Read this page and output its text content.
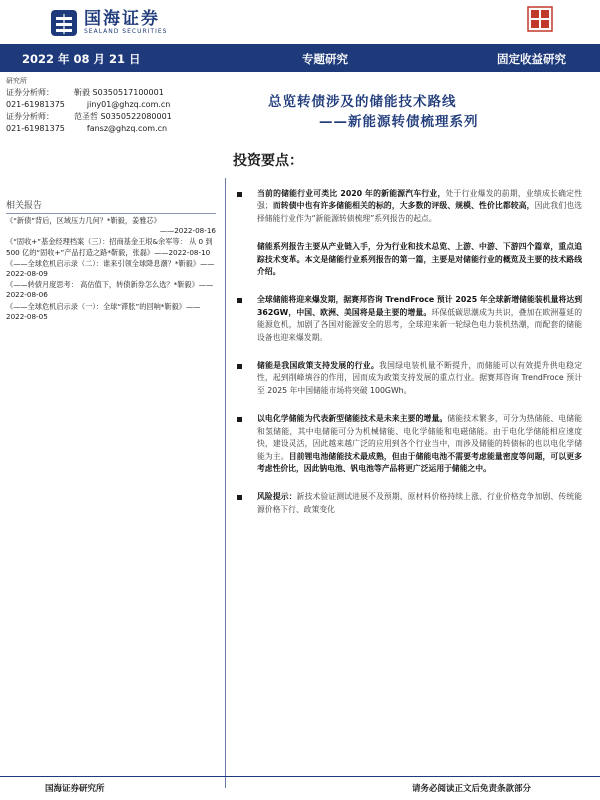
国海证券
SEALAND SECURITIES
2022 年 08 月 21 日	专题研究	固定收益研究
研究所
证券分析师：	靳毅 S0350517100001
021-61981375	jiny01@ghzq.com.cn
证券分析师：	范圣哲 S0350522080001
021-61981375	fansz@ghzq.com.cn
总览转债涉及的储能技术路线
——新能源转债梳理系列
投资要点：
相关报告
《“新债”背后，区域压力几何？*靳毅，姜雅芯》
——2022-08-16
《“固收+”基金经理档案（三）：招商基金王垠&余军等： 从 0 到 500 亿的“固收+”产品打造之路*靳毅，张磊》——2022-08-10
《——全球危机启示录（二）：谁来引领全球降息潮？*靳毅》——2022-08-09
《——转债月度思考： 高估值下，转债新券怎么选？*靳毅》——2022-08-06
《——全球危机启示录（一）：全球“滞胀”的回响*靳毅》——2022-08-05
当前的储能行业可类比 2020 年的新能源汽车行业，处于行业爆发的前期，业绩成长确定性强；而转债中也有许多储能相关的标的，大多数的评级、规模、性价比都较高，因此我们也选择储能行业作为“新能源转债梳理”系列报告的起点。
储能系列报告主要从产业链入手，分为行业和技术总览、上游、中游、下游四个篇章，重点追踪技术变革。本文是储能行业系列报告的第一篇，主要是对储能行业的概览及主要的技术路线介绍。
全球储能将迎来爆发期，据赛邦咨询 TrendFroce 预计 2025 年全球新增储能装机量将达到 362GW，中国、欧洲、美国将是最主要的增量。环保低碳思潮成为共识，叠加在欧洲蔓延的能源危机，加剧了各国对能源安全的思考，全球迎来新一轮绿色电力装机热潮，而配套的储能设备也迎来爆发期。
储能是我国政策支持发展的行业。我国绿电装机量不断提升，而储能可以有效提升供电稳定性，起到削峰填谷的作用，因而成为政策支持发展的重点行业。据赛邦咨询 TrendFroce 预计至 2025 年中国储能市场将突破 100GWh。
以电化学储能为代表新型储能技术是未来主要的增量。储能技术繁多，可分为热储能、电储能和氢储能，其中电储能可分为机械储能、电化学储能和电磁储能。由于电化学储能相应速度快，建设灵活，因此越来越广泛的应用到各个行业当中，而涉及储能的转债标的也以电化学储能为主。目前锂电池储能技术最成熟，但由于储能电池不需要考虑能量密度等问题，可以更多考虑性价比，因此钠电池、钒电池等产品将更广泛运用于储能之中。
风险提示：新技术验证测试进展不及预期、原材料价格持续上涨、行业价格竞争加剧、传统能源价格下行、政策变化
国海证券研究所	请务必阅读正文后免责条款部分
